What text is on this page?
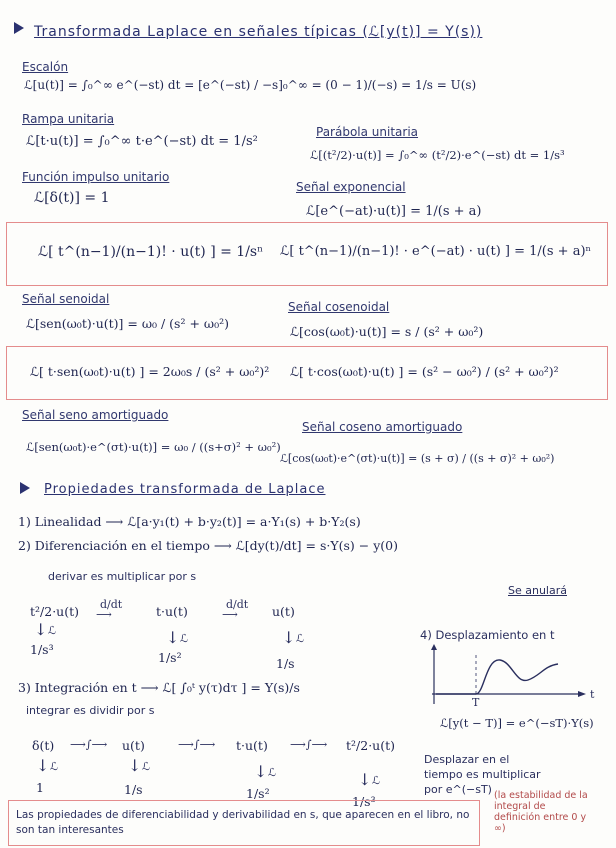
Transformada Laplace en señales típicas (ℒ[y(t)] = Y(s))
Escalón
ℒ[u(t)] = ∫₀^∞ e^(−st) dt = [e^(−st) / −s]₀^∞ = (0 − 1)/(−s) = 1/s = U(s)
Rampa unitaria
ℒ[t·u(t)] = ∫₀^∞ t·e^(−st) dt = 1/s²
Parábola unitaria
ℒ[(t²/2)·u(t)] = ∫₀^∞ (t²/2)·e^(−st) dt = 1/s³
Función impulso unitario
ℒ[δ(t)] = 1
Señal exponencial
ℒ[e^(−at)·u(t)] = 1/(s + a)
ℒ[ t^(n−1)/(n−1)! · u(t) ] = 1/sⁿ ℒ[ t^(n−1)/(n−1)! · e^(−at) · u(t) ] = 1/(s + a)ⁿ
Señal senoidal
ℒ[sen(ω₀t)·u(t)] = ω₀ / (s² + ω₀²)
Señal cosenoidal
ℒ[cos(ω₀t)·u(t)] = s / (s² + ω₀²)
ℒ[ t·sen(ω₀t)·u(t) ] = 2ω₀s / (s² + ω₀²)² ℒ[ t·cos(ω₀t)·u(t) ] = (s² − ω₀²) / (s² + ω₀²)²
Señal seno amortiguado
ℒ[sen(ω₀t)·e^(σt)·u(t)] = ω₀ / ((s+σ)² + ω₀²)
Señal coseno amortiguado
ℒ[cos(ω₀t)·e^(σt)·u(t)] = (s + σ) / ((s + σ)² + ω₀²)
Propiedades transformada de Laplace
1) Linealidad ⟶ ℒ[a·y₁(t) + b·y₂(t)] = a·Y₁(s) + b·Y₂(s)
2) Diferenciación en el tiempo ⟶ ℒ[dy(t)/dt] = s·Y(s) − y(0)
Se anulará
derivar es multiplicar por s
t²/2·u(t) d/dt
⟶	t·u(t)	d/dt
⟶	u(t)
↓ ℒ
1/s³
↓ ℒ
1/s²
↓ ℒ
1/s
4) Desplazamiento en t
t
T
ℒ[y(t − T)] = e^(−sT)·Y(s)
3) Integración en t ⟶ ℒ[ ∫₀ᵗ y(τ)dτ ] = Y(s)/s
integrar es dividir por s
δ(t) ⟶∫⟶ u(t)	⟶∫⟶ t·u(t) ⟶∫⟶ t²/2·u(t)
↓ ℒ
1
↓ ℒ
1/s
↓ ℒ
1/s²
↓ ℒ
1/s³
Desplazar en el tiempo es multiplicar por e^(−sT) (la estabilidad de la integral de definición entre 0 y ∞)
Las propiedades de diferenciabilidad y derivabilidad en s, que aparecen en el libro, no son tan interesantes
